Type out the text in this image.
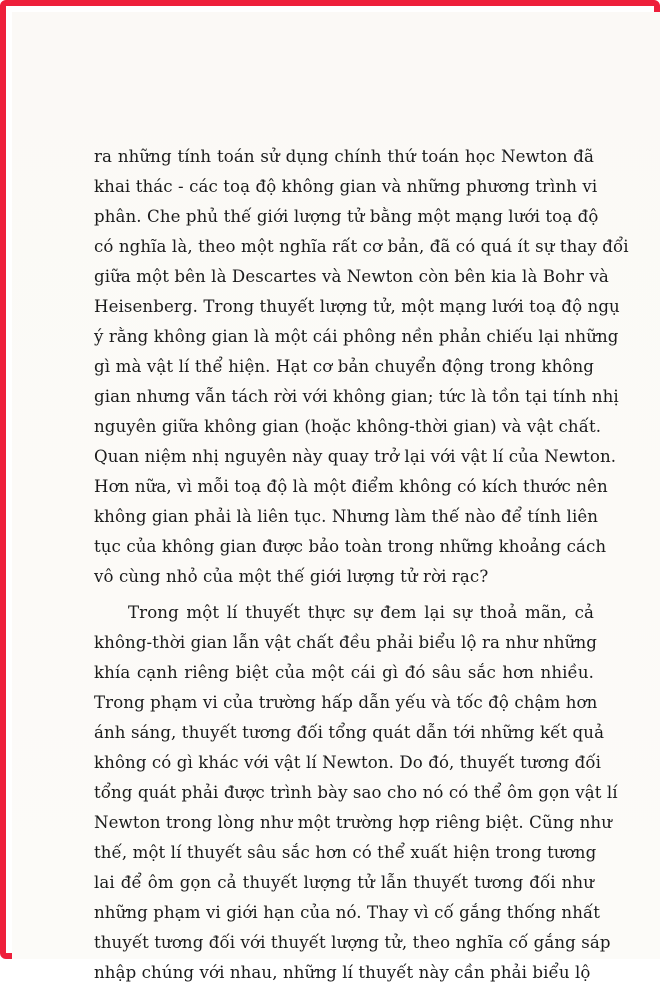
ra những tính toán sử dụng chính thứ toán học Newton đã
khai thác - các toạ độ không gian và những phương trình vi
phân. Che phủ thế giới lượng tử bằng một mạng lưới toạ độ
có nghĩa là, theo một nghĩa rất cơ bản, đã có quá ít sự thay đổi
giữa một bên là Descartes và Newton còn bên kia là Bohr và
Heisenberg. Trong thuyết lượng tử, một mạng lưới toạ độ ngụ
ý rằng không gian là một cái phông nền phản chiếu lại những
gì mà vật lí thể hiện. Hạt cơ bản chuyển động trong không
gian nhưng vẫn tách rời với không gian; tức là tồn tại tính nhị
nguyên giữa không gian (hoặc không-thời gian) và vật chất.
Quan niệm nhị nguyên này quay trở lại với vật lí của Newton.
Hơn nữa, vì mỗi toạ độ là một điểm không có kích thước nên
không gian phải là liên tục. Nhưng làm thế nào để tính liên
tục của không gian được bảo toàn trong những khoảng cách
vô cùng nhỏ của một thế giới lượng tử rời rạc?
Trong một lí thuyết thực sự đem lại sự thoả mãn, cả
không-thời gian lẫn vật chất đều phải biểu lộ ra như những
khía cạnh riêng biệt của một cái gì đó sâu sắc hơn nhiều.
Trong phạm vi của trường hấp dẫn yếu và tốc độ chậm hơn
ánh sáng, thuyết tương đối tổng quát dẫn tới những kết quả
không có gì khác với vật lí Newton. Do đó, thuyết tương đối
tổng quát phải được trình bày sao cho nó có thể ôm gọn vật lí
Newton trong lòng như một trường hợp riêng biệt. Cũng như
thế, một lí thuyết sâu sắc hơn có thể xuất hiện trong tương
lai để ôm gọn cả thuyết lượng tử lẫn thuyết tương đối như
những phạm vi giới hạn của nó. Thay vì cố gắng thống nhất
thuyết tương đối với thuyết lượng tử, theo nghĩa cố gắng sáp
nhập chúng với nhau, những lí thuyết này cần phải biểu lộ
